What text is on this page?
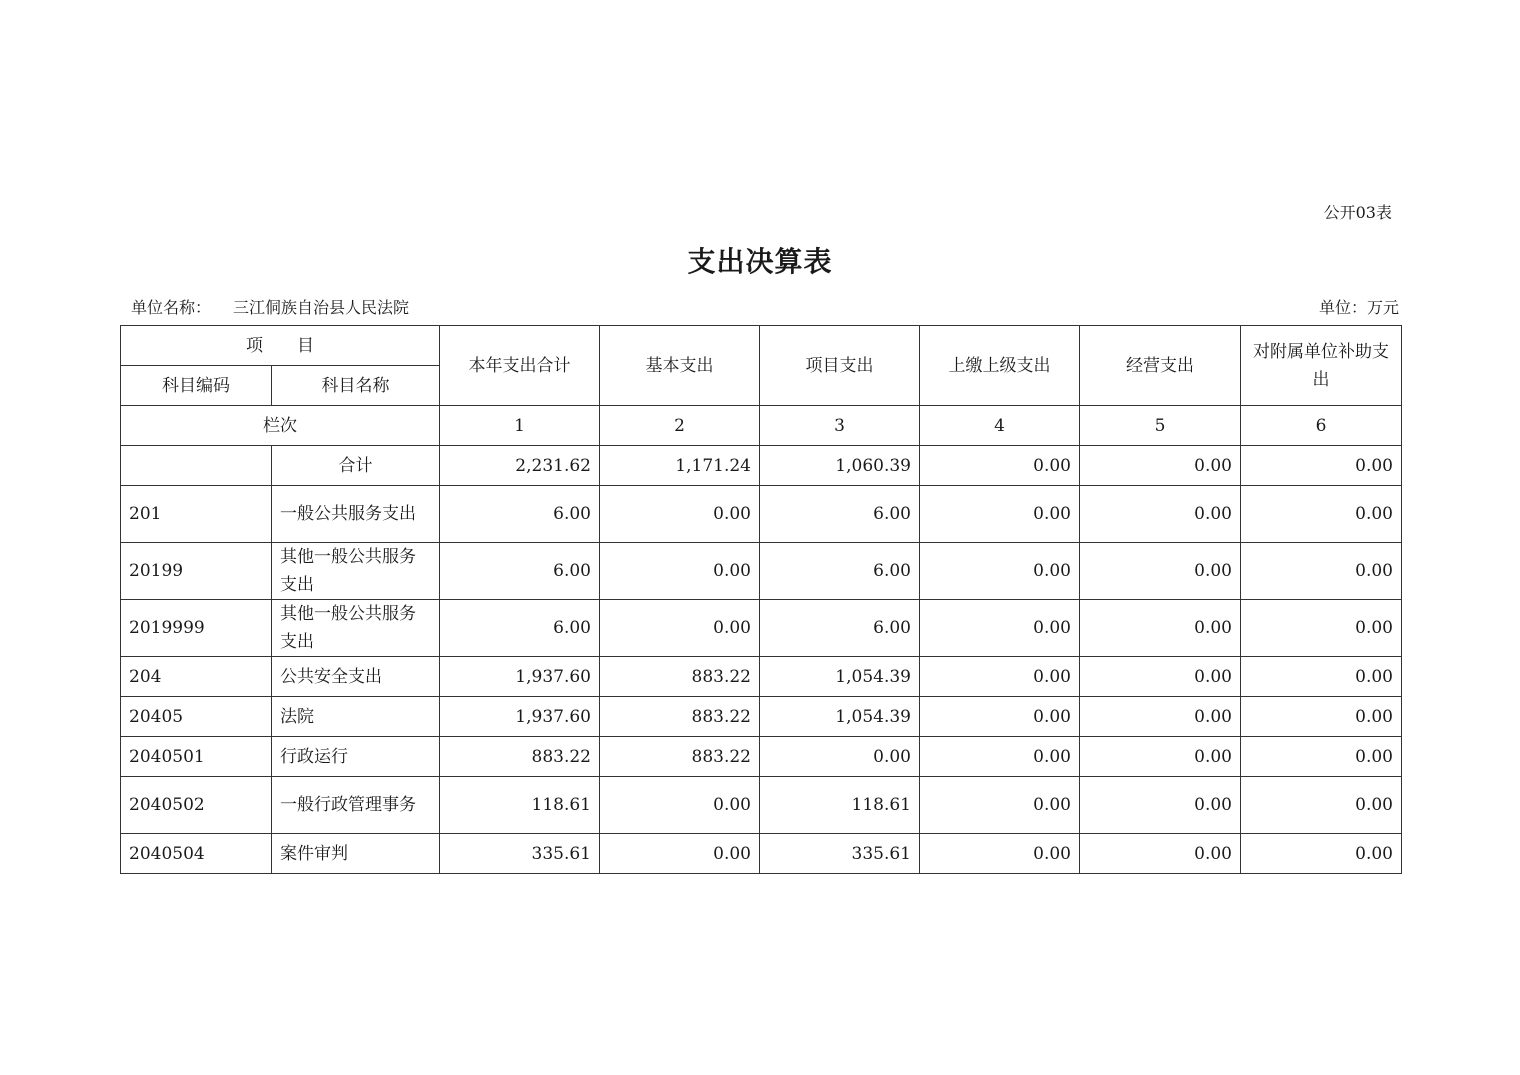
公开03表
支出决算表
单位名称： 三江侗族自治县人民法院	单位：万元
项　　目		本年支出合计	基本支出	项目支出	上缴上级支出	经营支出	对附属单位补助支出
科目编码	科目名称						
栏次		1	2	3	4	5	6
	合计	2,231.62	1,171.24	1,060.39	0.00	0.00	0.00
201	一般公共服务支出	6.00	0.00	6.00	0.00	0.00	0.00
20199	其他一般公共服务支出	6.00	0.00	6.00	0.00	0.00	0.00
2019999	其他一般公共服务支出	6.00	0.00	6.00	0.00	0.00	0.00
204	公共安全支出	1,937.60	883.22	1,054.39	0.00	0.00	0.00
20405	法院	1,937.60	883.22	1,054.39	0.00	0.00	0.00
2040501	行政运行	883.22	883.22	0.00	0.00	0.00	0.00
2040502	一般行政管理事务	118.61	0.00	118.61	0.00	0.00	0.00
2040504	案件审判	335.61	0.00	335.61	0.00	0.00	0.00
